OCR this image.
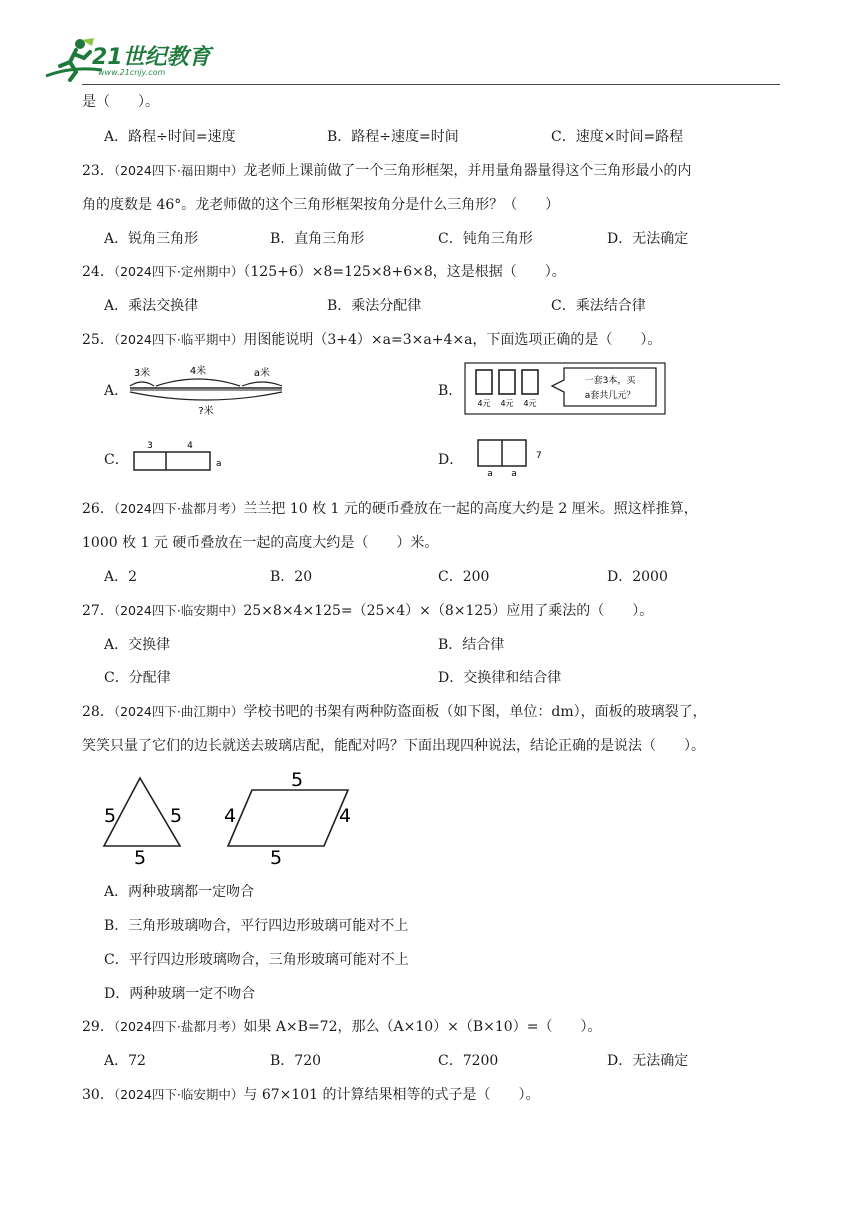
21世纪教育
www.21cnjy.com
是（　　）。
A．路程÷时间=速度	B．路程÷速度=时间	C．速度×时间=路程
23．（2024四下·福田期中）龙老师上课前做了一个三角形框架，并用量角器量得这个三角形最小的内
角的度数是 46°。龙老师做的这个三角形框架按角分是什么三角形？（　　）
A．锐角三角形	B．直角三角形	C．钝角三角形	D．无法确定
24．（2024四下·定州期中）（125+6）×8=125×8+6×8，这是根据（　　）。
A．乘法交换律	B．乘法分配律	C．乘法结合律
25．（2024四下·临平期中）用图能说明（3+4）×a=3×a+4×a，下面选项正确的是（　　）。
A．
3米	4米	a米
?米
B．
4元 4元 4元
一套3本，买
a套共几元？
C．
3	4
a	D．
a a
7
26．（2024四下·盐都月考）兰兰把 10 枚 1 元的硬币叠放在一起的高度大约是 2 厘米。照这样推算，
1000 枚 1 元 硬币叠放在一起的高度大约是（　　）米。
A．2	B．20	C．200	D．2000
27．（2024四下·临安期中）25×8×4×125=（25×4）×（8×125）应用了乘法的（　　）。
A．交换律	B．结合律
C．分配律	D．交换律和结合律
28．（2024四下·曲江期中）学校书吧的书架有两种防盗面板（如下图，单位：dm），面板的玻璃裂了，
笑笑只量了它们的边长就送去玻璃店配，能配对吗？下面出现四种说法，结论正确的是说法（　　）。
5	5
5
5
4	4
5
A．两种玻璃都一定吻合
B．三角形玻璃吻合，平行四边形玻璃可能对不上
C．平行四边形玻璃吻合，三角形玻璃可能对不上
D．两种玻璃一定不吻合
29．（2024四下·盐都月考）如果 A×B=72，那么（A×10）×（B×10）=（　　）。
A．72	B．720	C．7200	D．无法确定
30．（2024四下·临安期中）与 67×101 的计算结果相等的式子是（　　）。
